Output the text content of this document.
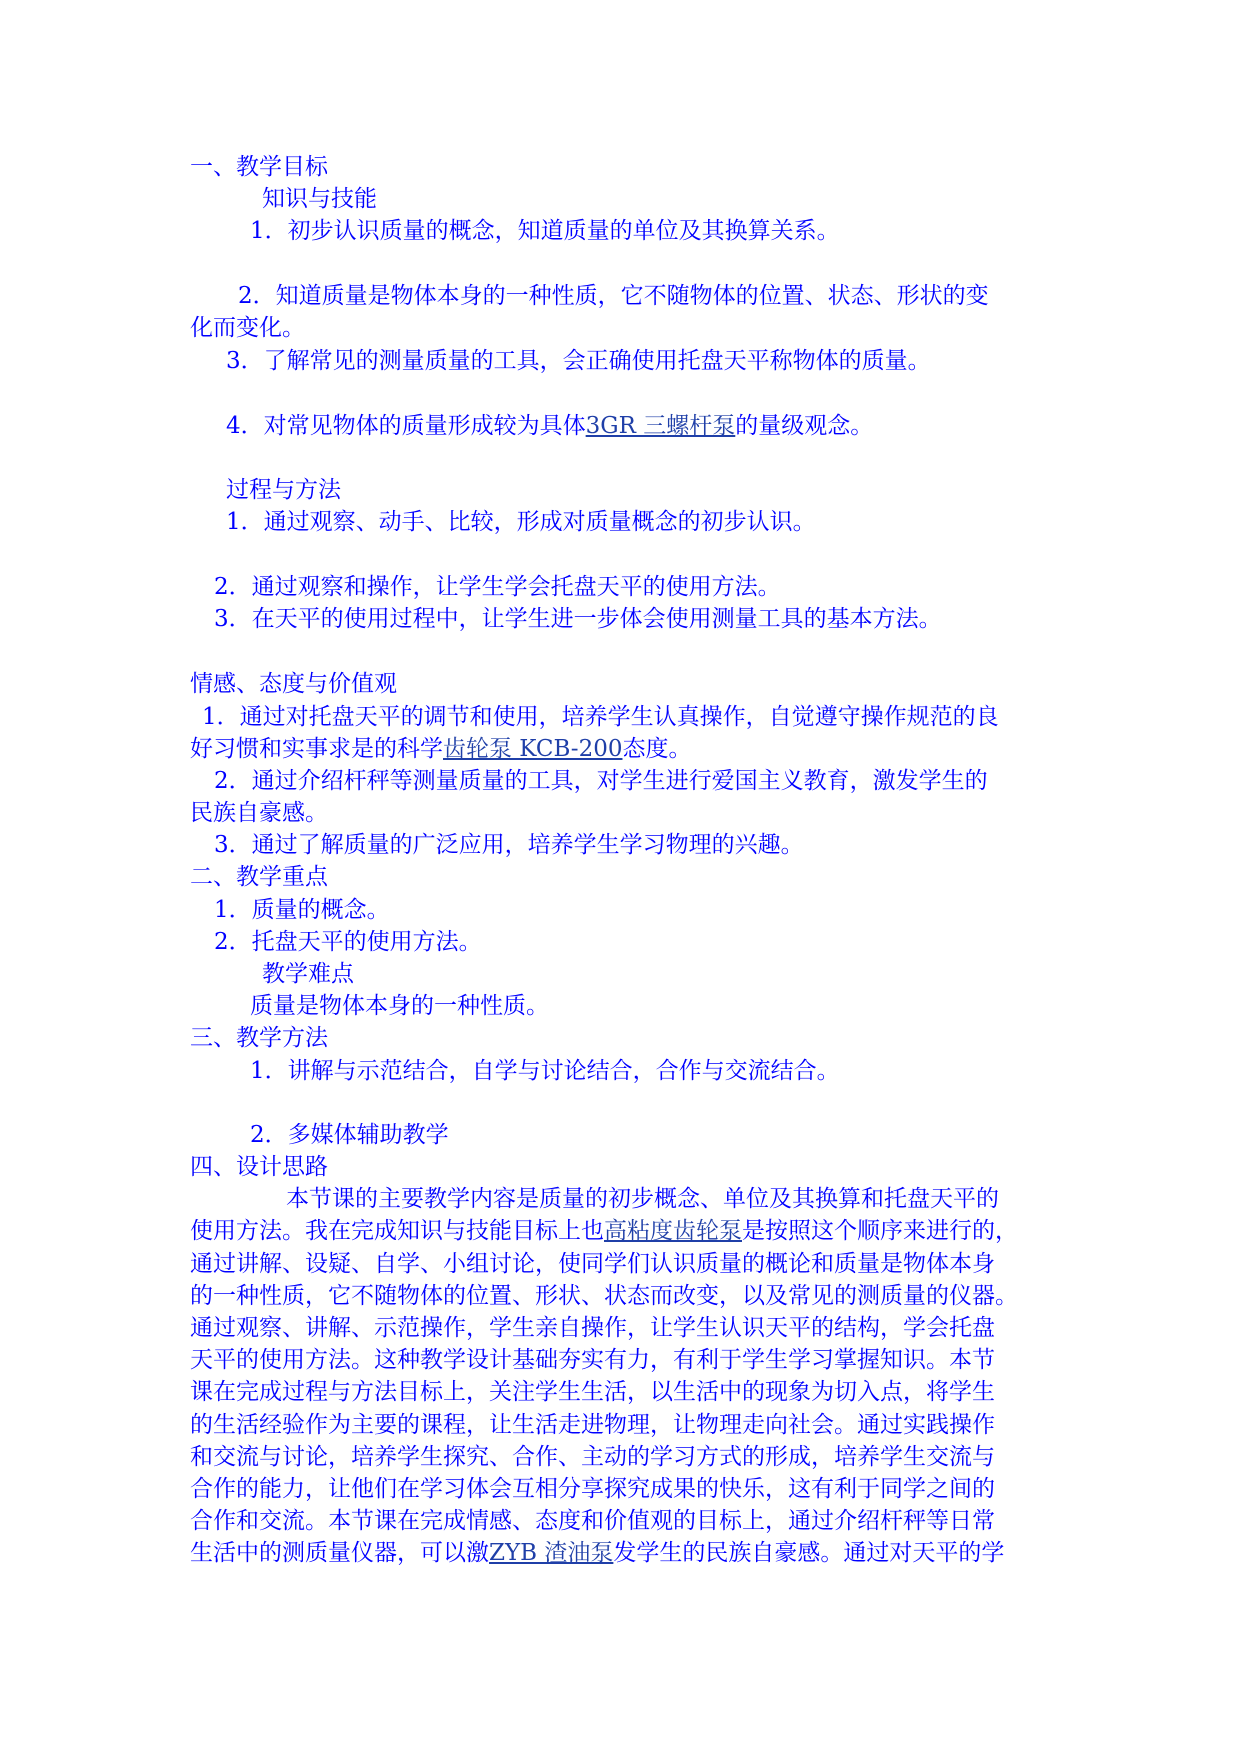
一、教学目标
知识与技能
1．初步认识质量的概念，知道质量的单位及其换算关系。
2．知道质量是物体本身的一种性质，它不随物体的位置、状态、形状的变
化而变化。
3．了解常见的测量质量的工具，会正确使用托盘天平称物体的质量。
4．对常见物体的质量形成较为具体3GR 三螺杆泵的量级观念。
过程与方法
1．通过观察、动手、比较，形成对质量概念的初步认识。
2．通过观察和操作，让学生学会托盘天平的使用方法。
3．在天平的使用过程中，让学生进一步体会使用测量工具的基本方法。
情感、态度与价值观
1．通过对托盘天平的调节和使用，培养学生认真操作，自觉遵守操作规范的良
好习惯和实事求是的科学齿轮泵 KCB-200态度。
2．通过介绍杆秤等测量质量的工具，对学生进行爱国主义教育，激发学生的
民族自豪感。
3．通过了解质量的广泛应用，培养学生学习物理的兴趣。
二、教学重点
1．质量的概念。
2．托盘天平的使用方法。
教学难点
质量是物体本身的一种性质。
三、教学方法
1．讲解与示范结合，自学与讨论结合，合作与交流结合。
2．多媒体辅助教学
四、设计思路
本节课的主要教学内容是质量的初步概念、单位及其换算和托盘天平的
使用方法。我在完成知识与技能目标上也高粘度齿轮泵是按照这个顺序来进行的，
通过讲解、设疑、自学、小组讨论，使同学们认识质量的概论和质量是物体本身
的一种性质，它不随物体的位置、形状、状态而改变，以及常见的测质量的仪器。
通过观察、讲解、示范操作，学生亲自操作，让学生认识天平的结构，学会托盘
天平的使用方法。这种教学设计基础夯实有力，有利于学生学习掌握知识。本节
课在完成过程与方法目标上，关注学生生活，以生活中的现象为切入点，将学生
的生活经验作为主要的课程，让生活走进物理，让物理走向社会。通过实践操作
和交流与讨论，培养学生探究、合作、主动的学习方式的形成，培养学生交流与
合作的能力，让他们在学习体会互相分享探究成果的快乐，这有利于同学之间的
合作和交流。本节课在完成情感、态度和价值观的目标上，通过介绍杆秤等日常
生活中的测质量仪器，可以激ZYB 渣油泵发学生的民族自豪感。通过对天平的学
